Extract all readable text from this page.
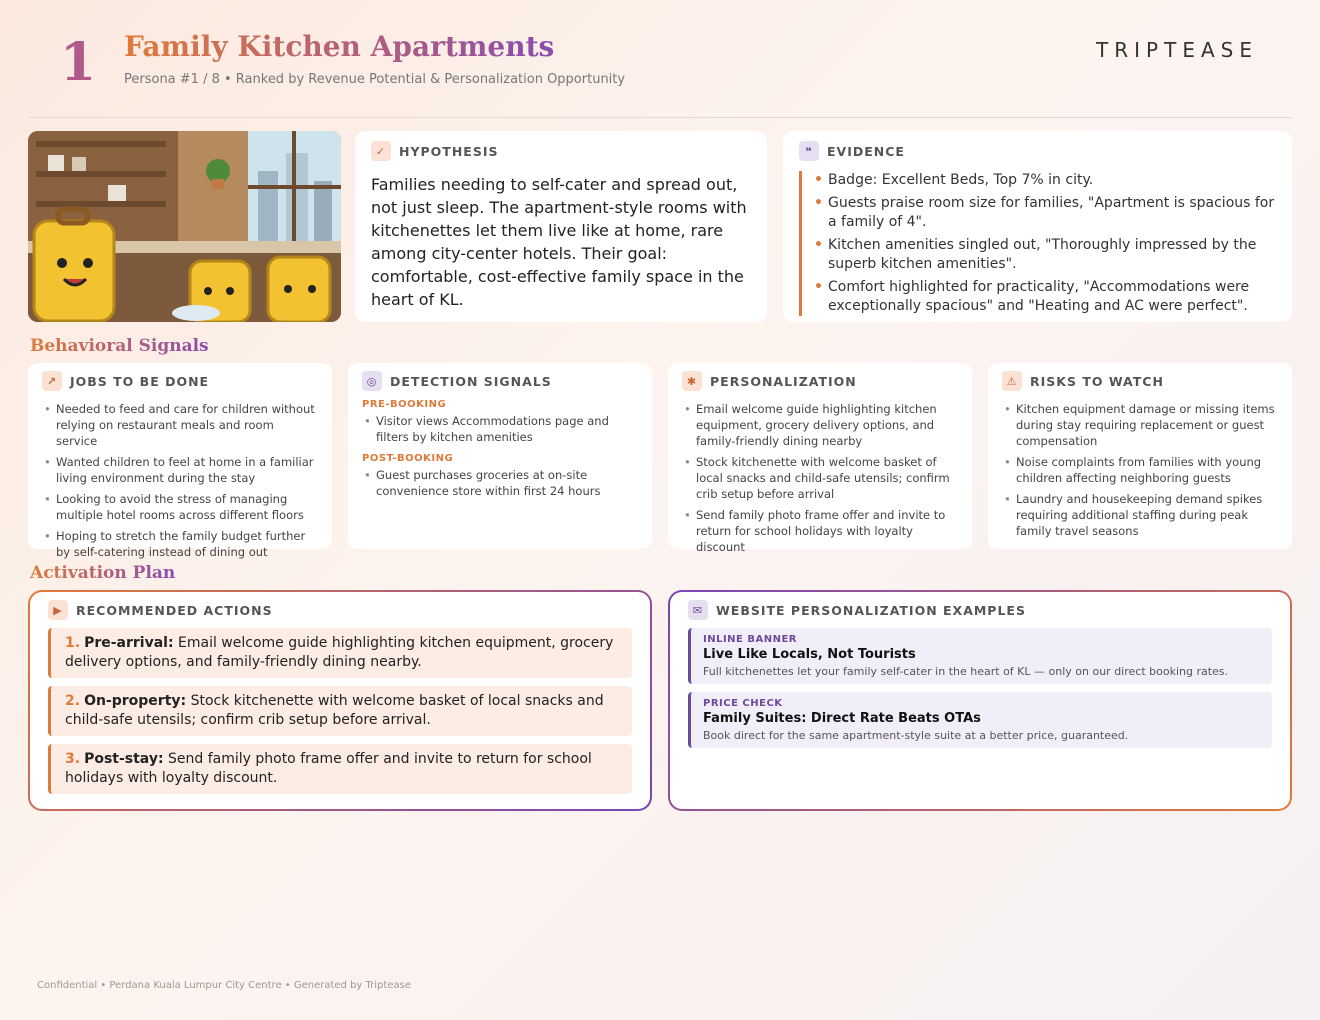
1 Family Kitchen Apartments
Persona #1 / 8 • Ranked by Revenue Potential & Personalization Opportunity
TRIPTEASE
✓	HYPOTHESIS
Families needing to self-cater and spread out, not just sleep. The apartment-style rooms with kitchenettes let them live like at home, rare among city-center hotels. Their goal: comfortable, cost-effective family space in the heart of KL.
❝	EVIDENCE
• Badge: Excellent Beds, Top 7% in city.
• Guests praise room size for families, "Apartment is spacious for a family of 4".
• Kitchen amenities singled out, "Thoroughly impressed by the superb kitchen amenities".
• Comfort highlighted for practicality, "Accommodations were exceptionally spacious" and "Heating and AC were perfect".
Behavioral Signals
↗	JOBS TO BE DONE
• Needed to feed and care for children without relying on restaurant meals and room service
• Wanted children to feel at home in a familiar living environment during the stay
• Looking to avoid the stress of managing multiple hotel rooms across different floors
• Hoping to stretch the family budget further by self-catering instead of dining out
◎	DETECTION SIGNALS
PRE-BOOKING
• Visitor views Accommodations page and filters by kitchen amenities
POST-BOOKING
• Guest purchases groceries at on-site convenience store within first 24 hours
✱	PERSONALIZATION
• Email welcome guide highlighting kitchen equipment, grocery delivery options, and family-friendly dining nearby
• Stock kitchenette with welcome basket of local snacks and child-safe utensils; confirm crib setup before arrival
• Send family photo frame offer and invite to return for school holidays with loyalty discount
⚠	RISKS TO WATCH
• Kitchen equipment damage or missing items during stay requiring replacement or guest compensation
• Noise complaints from families with young children affecting neighboring guests
• Laundry and housekeeping demand spikes requiring additional staffing during peak family travel seasons
Activation Plan
▶	RECOMMENDED ACTIONS
1. Pre-arrival: Email welcome guide highlighting kitchen equipment, grocery delivery options, and family-friendly dining nearby.
2. On-property: Stock kitchenette with welcome basket of local snacks and child-safe utensils; confirm crib setup before arrival.
3. Post-stay: Send family photo frame offer and invite to return for school holidays with loyalty discount.
✉	WEBSITE PERSONALIZATION EXAMPLES
INLINE BANNER
Live Like Locals, Not Tourists
Full kitchenettes let your family self-cater in the heart of KL — only on our direct booking rates.
PRICE CHECK
Family Suites: Direct Rate Beats OTAs
Book direct for the same apartment-style suite at a better price, guaranteed.
Confidential • Perdana Kuala Lumpur City Centre • Generated by Triptease
